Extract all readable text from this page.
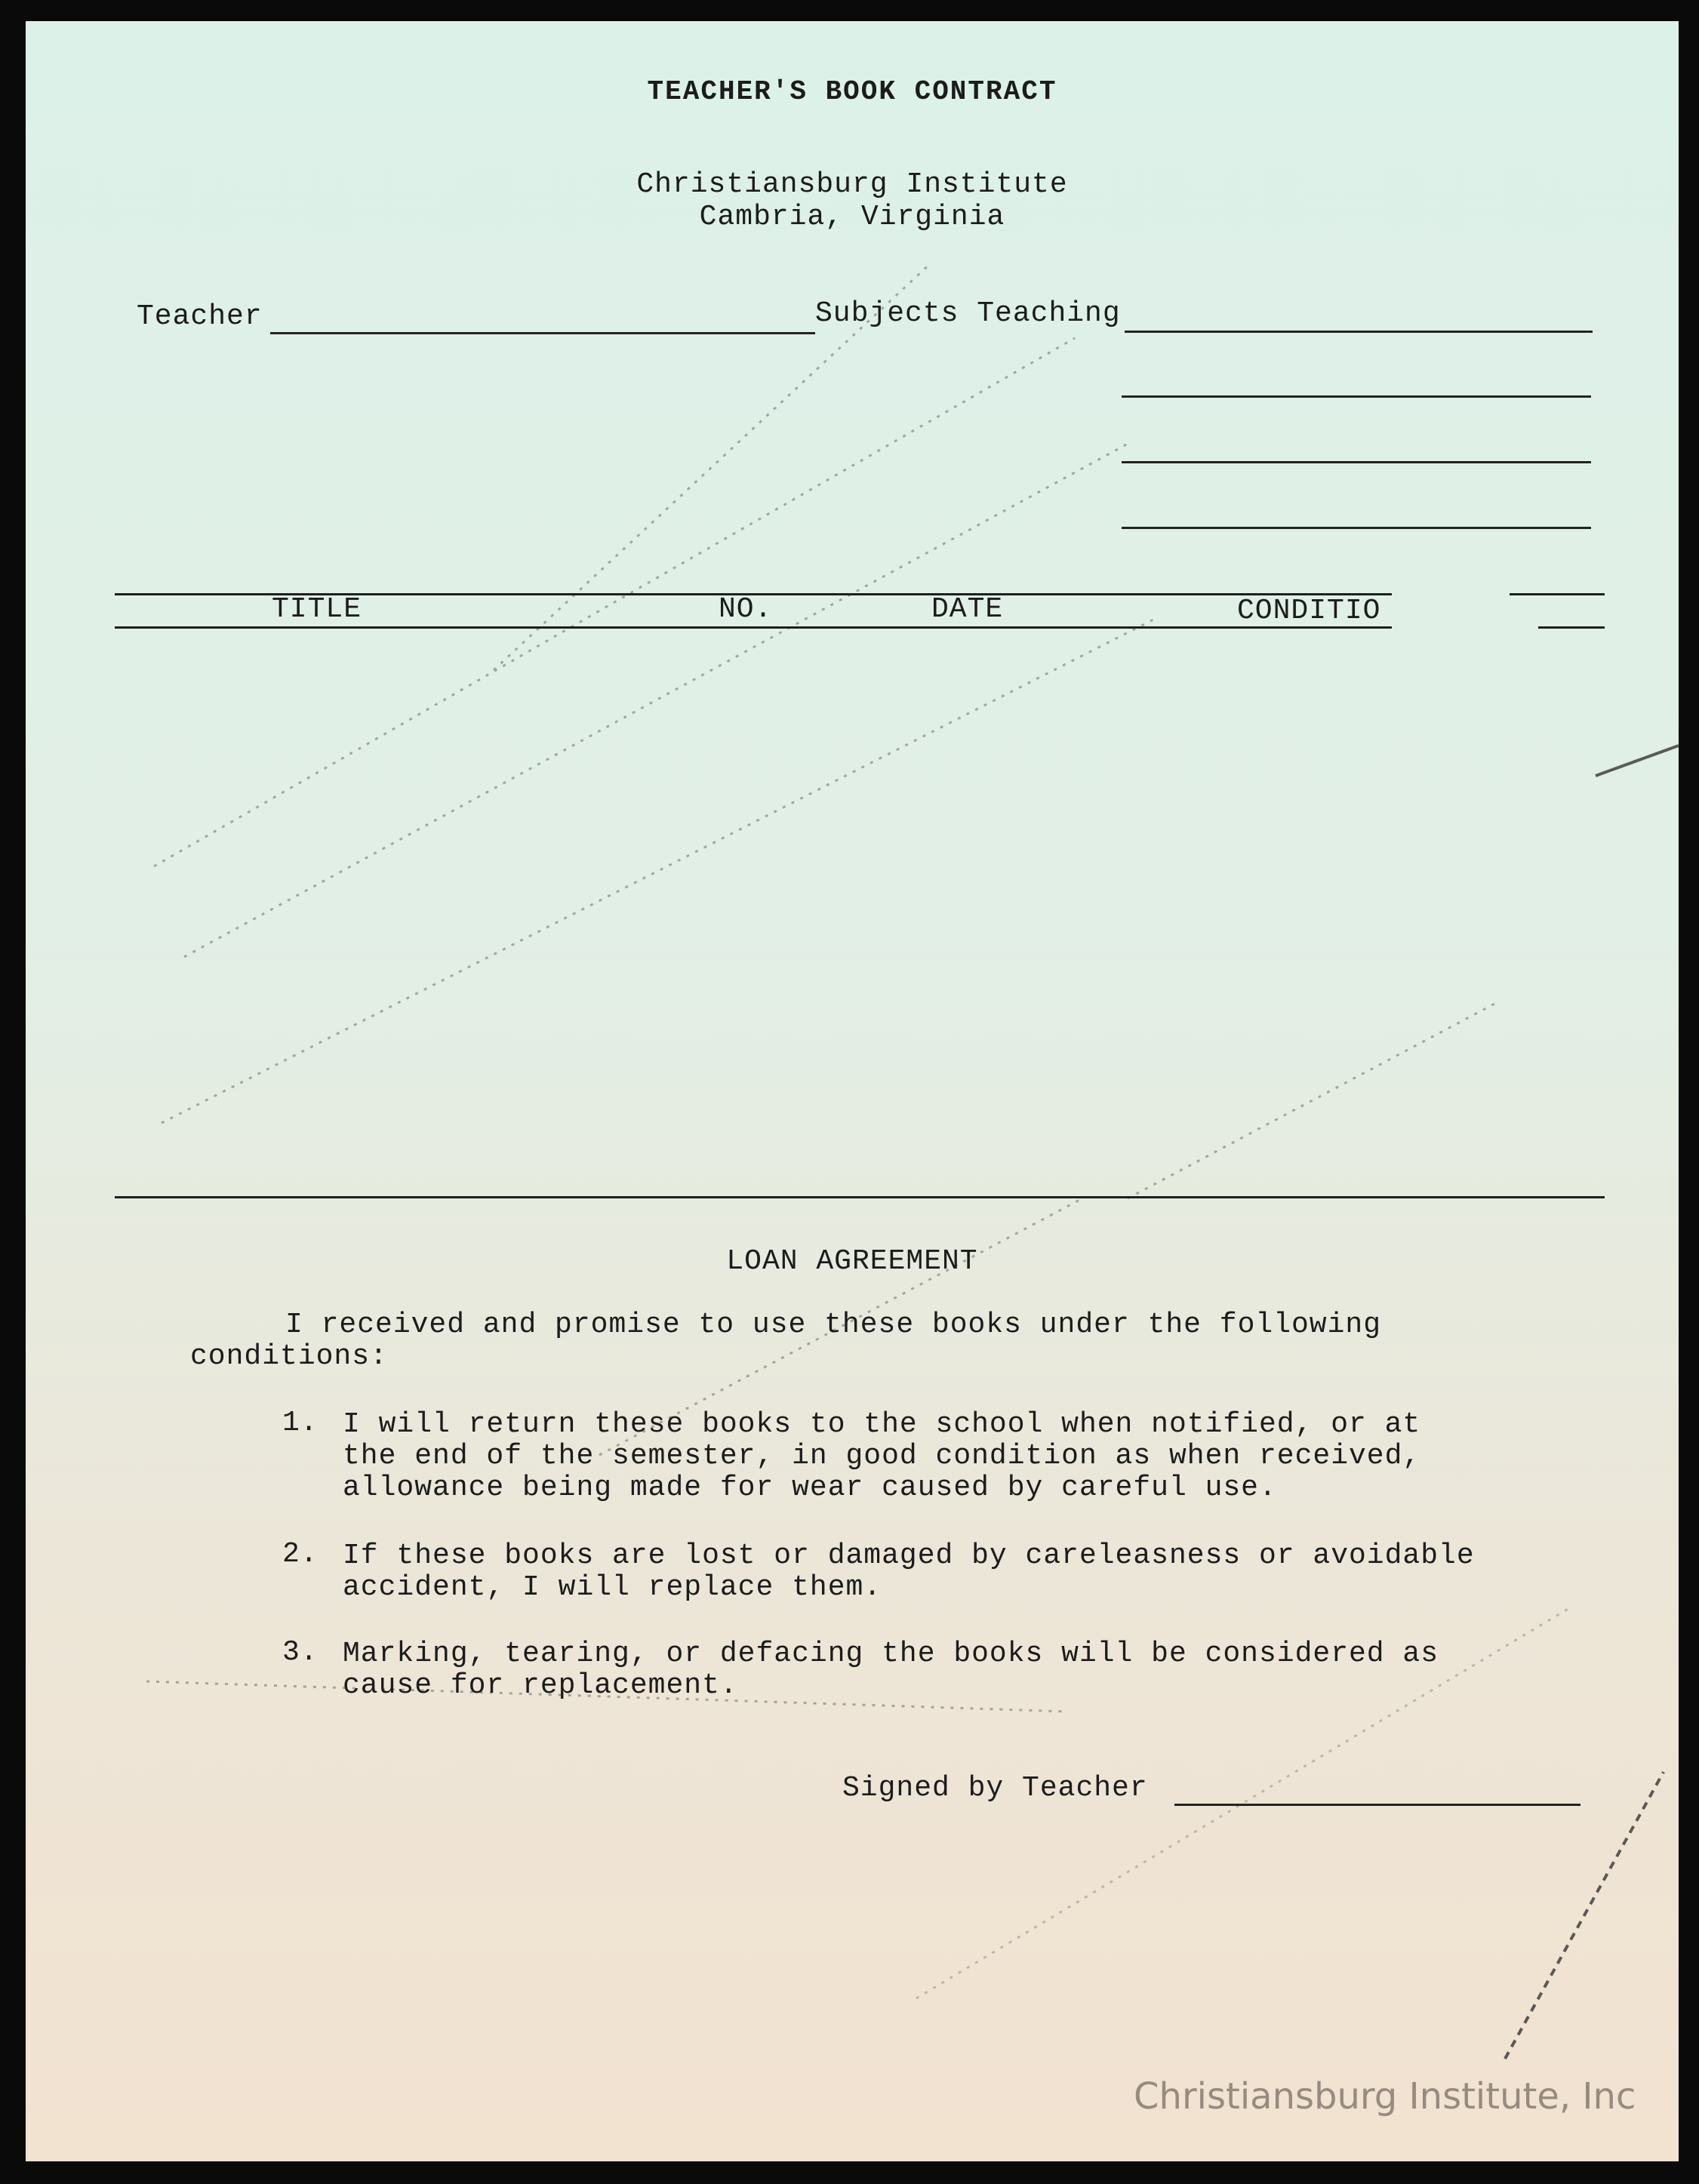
TEACHER'S BOOK CONTRACT
Christiansburg Institute
Cambria, Virginia
Teacher	Subjects Teaching
TITLE	NO.	DATE	CONDITIO
LOAN AGREEMENT
I received and promise to use these books under the following
conditions:
1. I will return these books to the school when notified, or at
the end of the semester, in good condition as when received,
allowance being made for wear caused by careful use.
2. If these books are lost or damaged by careleasness or avoidable
accident, I will replace them.
3. Marking, tearing, or defacing the books will be considered as
cause for replacement.
Signed by Teacher
Christiansburg Institute, Inc
